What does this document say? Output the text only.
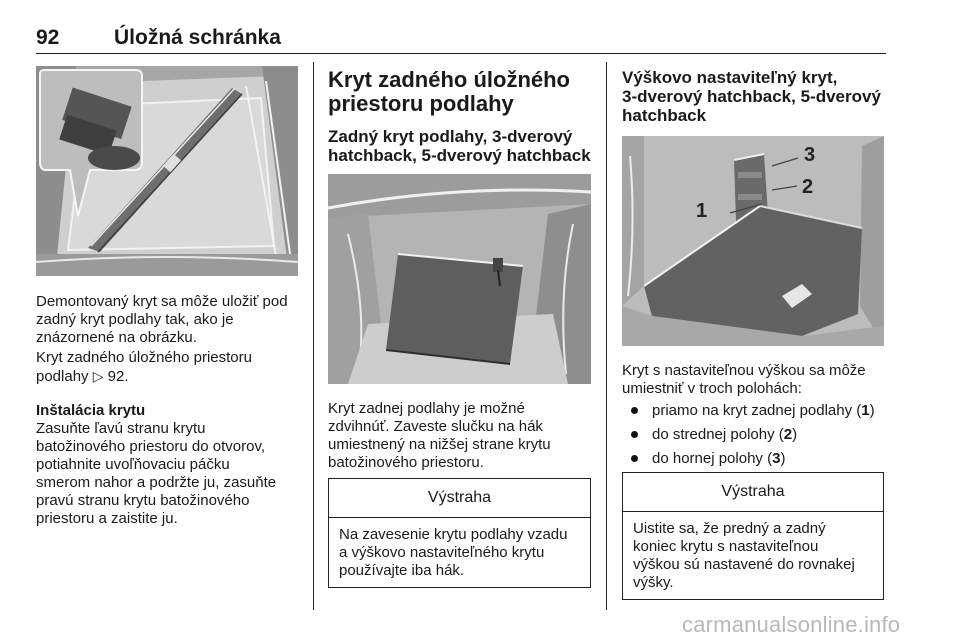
92	Úložná schránka
Demontovaný kryt sa môže uložiť pod
zadný kryt podlahy tak, ako je
znázornené na obrázku.
Kryt zadného úložného priestoru
podlahy ▷ 92.
Inštalácia krytu
Zasuňte ľavú stranu krytu
batožinového priestoru do otvorov,
potiahnite uvoľňovaciu páčku
smerom nahor a podržte ju, zasuňte
pravú stranu krytu batožinového
priestoru a zaistite ju.
Kryt zadného úložného
priestoru podlahy
Zadný kryt podlahy, 3-dverový
hatchback, 5-dverový hatchback
Kryt zadnej podlahy je možné
zdvihnúť. Zaveste slučku na hák
umiestnený na nižšej strane krytu
batožinového priestoru.
Výstraha
Na zavesenie krytu podlahy vzadu
a výškovo nastaviteľného krytu
používajte iba hák.
Výškovo nastaviteľný kryt,
3-dverový hatchback, 5-dverový
hatchback
1
2
3
Kryt s nastaviteľnou výškou sa môže
umiestniť v troch polohách:
priamo na kryt zadnej podlahy (1)
do strednej polohy (2)
do hornej polohy (3)
Výstraha
Uistite sa, že predný a zadný
koniec krytu s nastaviteľnou
výškou sú nastavené do rovnakej
výšky.
carmanualsonline.info
